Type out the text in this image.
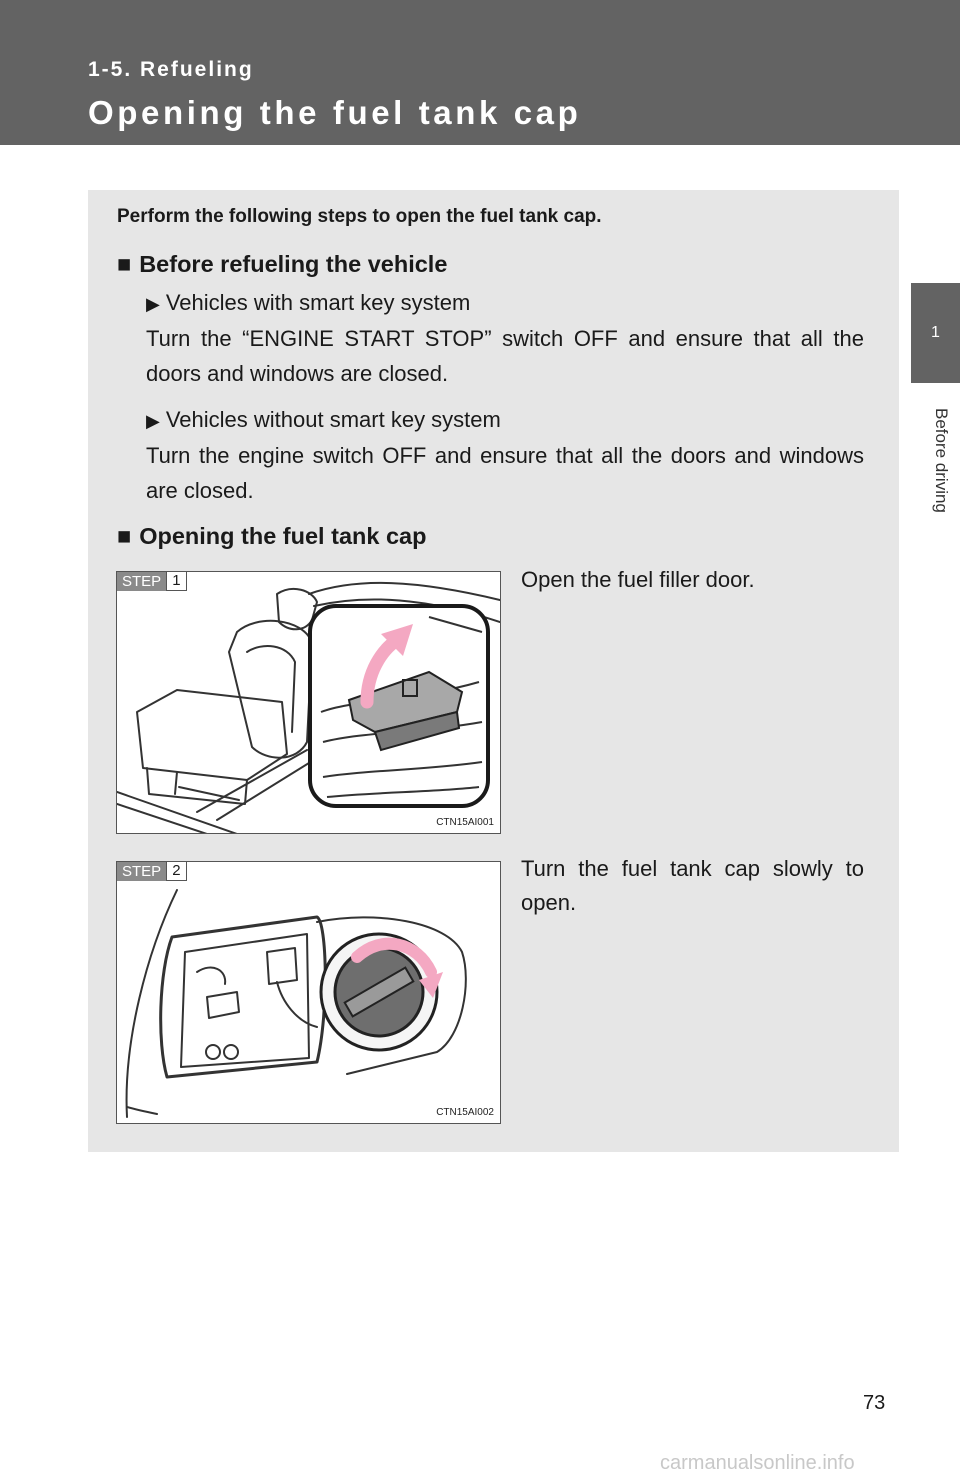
1-5. Refueling
Opening the fuel tank cap
1
Before driving
Perform the following steps to open the fuel tank cap.
■ Before refueling the vehicle
▶ Vehicles with smart key system
Turn the “ENGINE START STOP” switch OFF and ensure that all the doors and windows are closed.
▶ Vehicles without smart key system
Turn the engine switch OFF and ensure that all the doors and windows are closed.
■ Opening the fuel tank cap
STEP 1
CTN15AI001
Open the fuel filler door.
STEP 2
CTN15AI002
Turn the fuel tank cap slowly to open.
73
carmanualsonline.info
